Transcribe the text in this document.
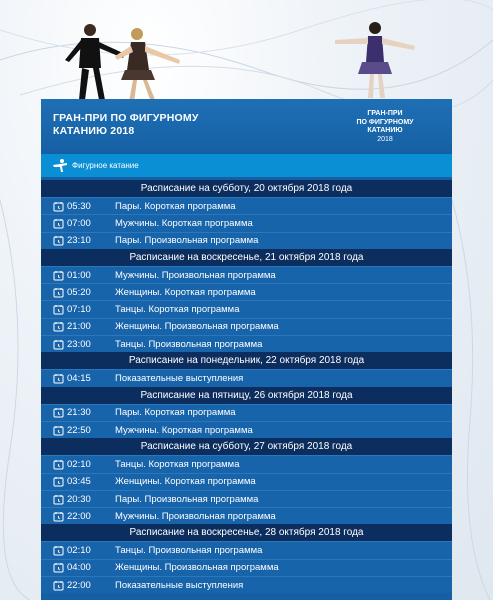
ГРАН-ПРИ ПО ФИГУРНОМУ КАТАНИЮ 2018
ГРАН-ПРИ
ПО ФИГУРНОМУ
КАТАНИЮ
2018
Фигурное катание
Расписание на субботу, 20 октября 2018 года
05:30	Пары. Короткая программа
07:00	Мужчины. Короткая программа
23:10	Пары. Произвольная программа
Расписание на воскресенье, 21 октября 2018 года
01:00	Мужчины. Произвольная программа
05:20	Женщины. Короткая программа
07:10	Танцы. Короткая программа
21:00	Женщины. Произвольная программа
23:00	Танцы. Произвольная программа
Расписание на понедельник, 22 октября 2018 года
04:15	Показательные выступления
Расписание на пятницу, 26 октября 2018 года
21:30	Пары. Короткая программа
22:50	Мужчины. Короткая программа
Расписание на субботу, 27 октября 2018 года
02:10	Танцы. Короткая программа
03:45	Женщины. Короткая программа
20:30	Пары. Произвольная программа
22:00	Мужчины. Произвольная программа
Расписание на воскресенье, 28 октября 2018 года
02:10	Танцы. Произвольная программа
04:00	Женщины. Произвольная программа
22:00	Показательные выступления
